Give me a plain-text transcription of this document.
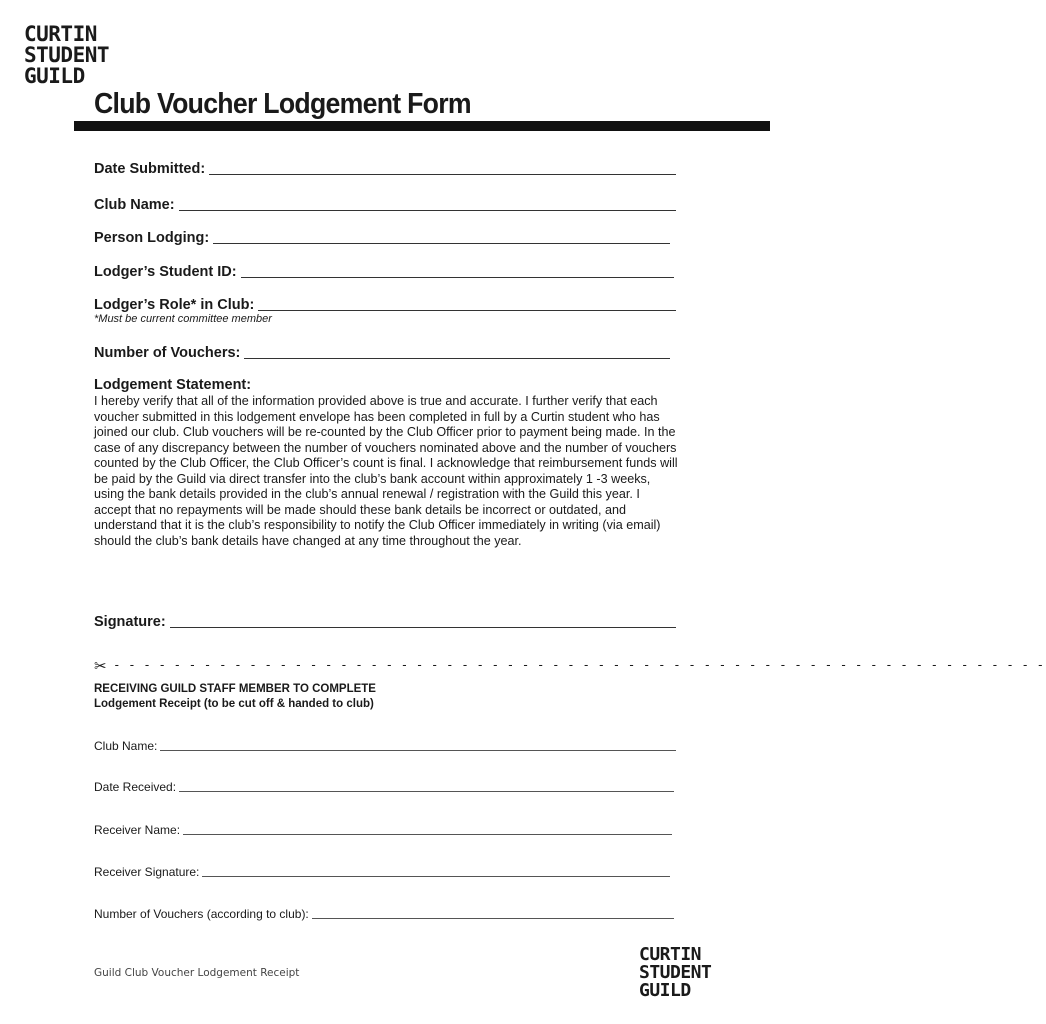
CURTIN
STUDENT
GUILD
Club Voucher Lodgement Form
Date Submitted:
Club Name:
Person Lodging:
Lodger’s Student ID:
Lodger’s Role* in Club:
*Must be current committee member
Number of Vouchers:
Lodgement Statement:
I hereby verify that all of the information provided above is true and accurate. I further verify that each voucher submitted in this lodgement envelope has been completed in full by a Curtin student who has joined our club. Club vouchers will be re-counted by the Club Officer prior to payment being made. In the case of any discrepancy between the number of vouchers nominated above and the number of vouchers counted by the Club Officer, the Club Officer’s count is final. I acknowledge that reimbursement funds will be paid by the Guild via direct transfer into the club’s bank account within approximately 1 -3 weeks, using the bank details provided in the club’s annual renewal / registration with the Guild this year. I accept that no repayments will be made should these bank details be incorrect or outdated, and understand that it is the club’s responsibility to notify the Club Officer immediately in writing (via email) should the club’s bank details have changed at any time throughout the year.
Signature:
✂ - - - - - - - - - - - - - - - - - - - - - - - - - - - - - - - - - - - - - - - - - - - - - - - - - - - - - - - - - - - - - -
RECEIVING GUILD STAFF MEMBER TO COMPLETE
Lodgement Receipt (to be cut off & handed to club)
Club Name:
Date Received:
Receiver Name:
Receiver Signature:
Number of Vouchers (according to club):
Guild Club Voucher Lodgement Receipt
CURTIN
STUDENT
GUILD
